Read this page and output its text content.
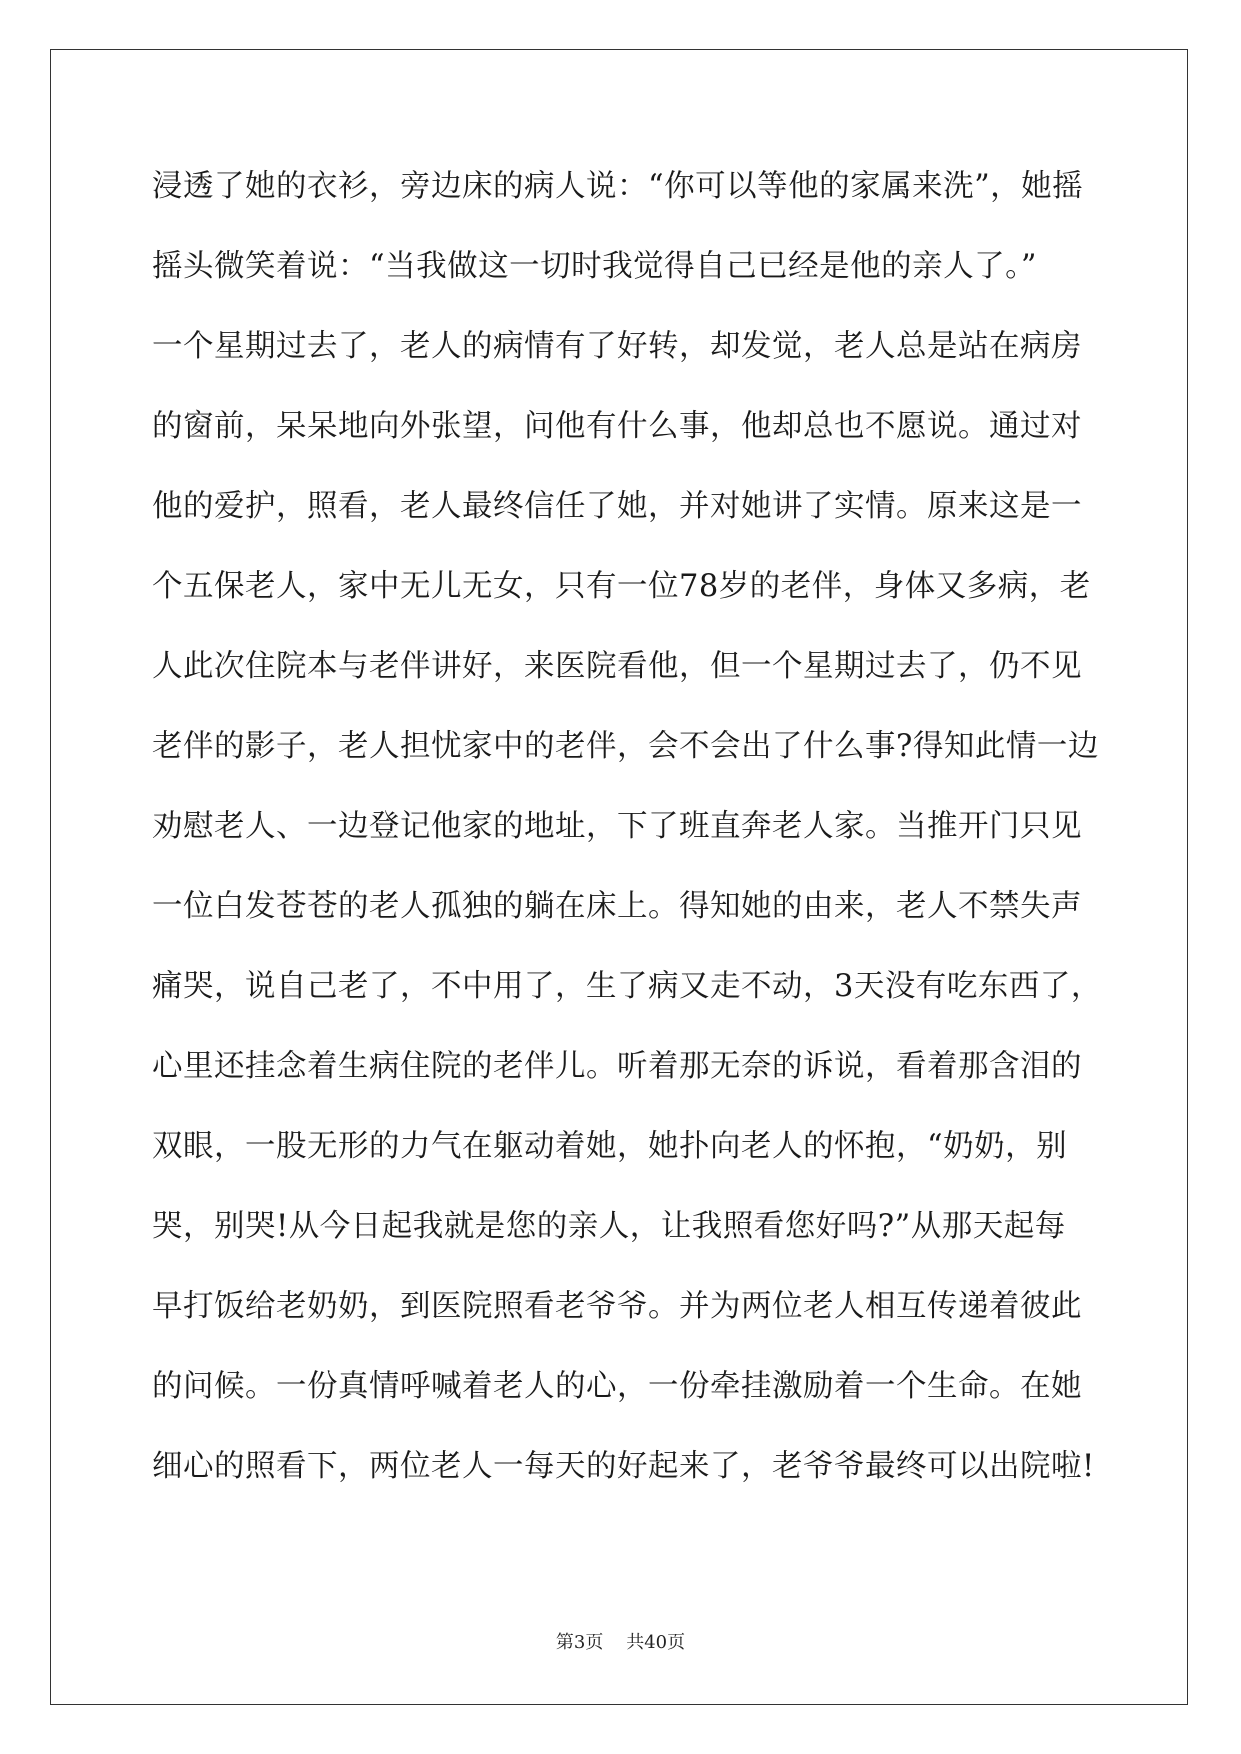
浸透了她的衣衫，旁边床的病人说：“你可以等他的家属来洗”，她摇
摇头微笑着说：“当我做这一切时我觉得自己已经是他的亲人了。”
一个星期过去了，老人的病情有了好转，却发觉，老人总是站在病房
的窗前，呆呆地向外张望，问他有什么事，他却总也不愿说。通过对
他的爱护，照看，老人最终信任了她，并对她讲了实情。原来这是一
个五保老人，家中无儿无女，只有一位78岁的老伴，身体又多病，老
人此次住院本与老伴讲好，来医院看他，但一个星期过去了，仍不见
老伴的影子，老人担忧家中的老伴，会不会出了什么事?得知此情一边
劝慰老人、一边登记他家的地址，下了班直奔老人家。当推开门只见
一位白发苍苍的老人孤独的躺在床上。得知她的由来，老人不禁失声
痛哭，说自己老了，不中用了，生了病又走不动，3天没有吃东西了，
心里还挂念着生病住院的老伴儿。听着那无奈的诉说，看着那含泪的
双眼，一股无形的力气在躯动着她，她扑向老人的怀抱，“奶奶，别
哭，别哭!从今日起我就是您的亲人，让我照看您好吗?”从那天起每
早打饭给老奶奶，到医院照看老爷爷。并为两位老人相互传递着彼此
的问候。一份真情呼喊着老人的心，一份牵挂激励着一个生命。在她
细心的照看下，两位老人一每天的好起来了，老爷爷最终可以出院啦!
第3页    共40页
